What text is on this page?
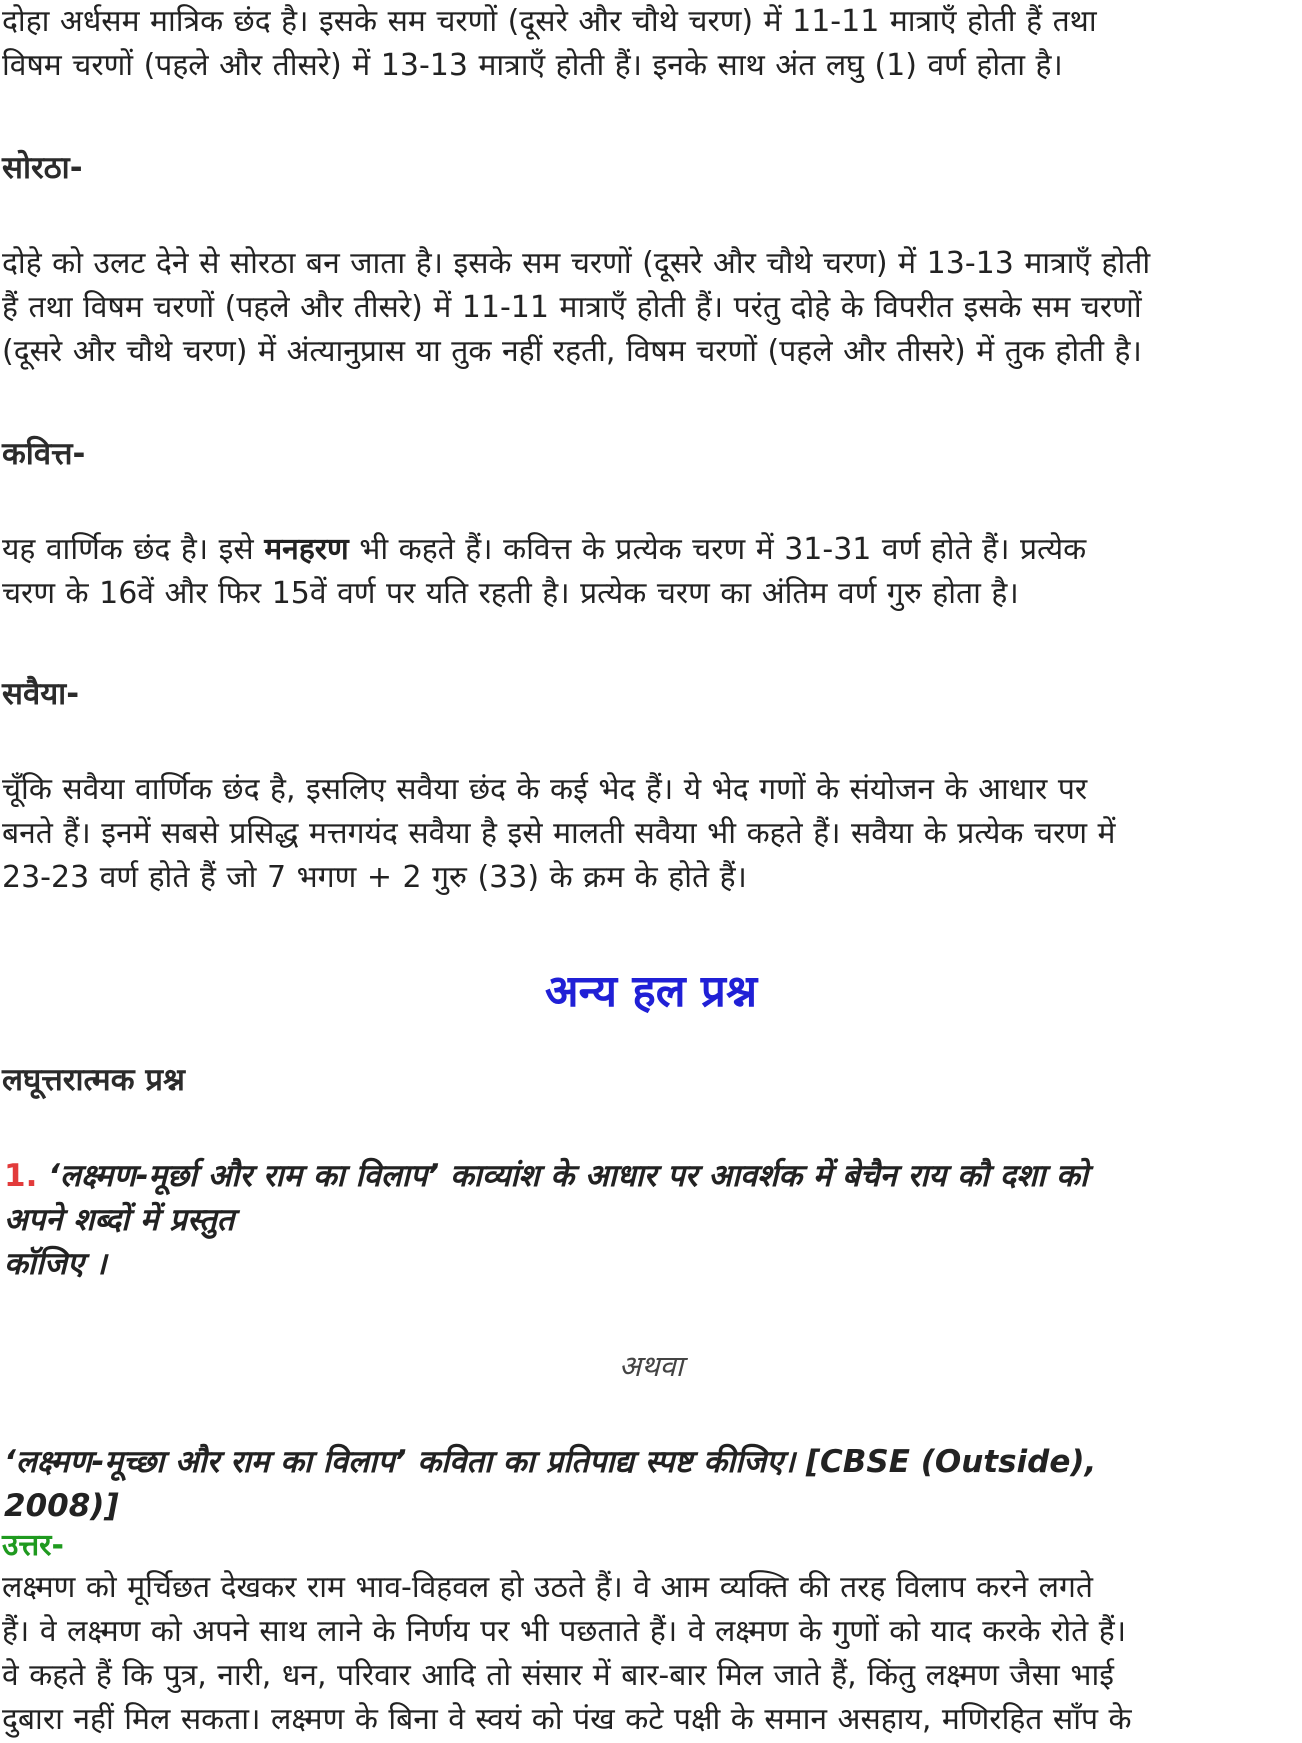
दोहा अर्धसम मात्रिक छंद है। इसके सम चरणों (दूसरे और चौथे चरण) में 11-11 मात्राएँ होती हैं तथा
विषम चरणों (पहले और तीसरे) में 13-13 मात्राएँ होती हैं। इनके साथ अंत लघु (1) वर्ण होता है।

सोरठा-

दोहे को उलट देने से सोरठा बन जाता है। इसके सम चरणों (दूसरे और चौथे चरण) में 13-13 मात्राएँ होती
हैं तथा विषम चरणों (पहले और तीसरे) में 11-11 मात्राएँ होती हैं। परंतु दोहे के विपरीत इसके सम चरणों
(दूसरे और चौथे चरण) में अंत्यानुप्रास या तुक नहीं रहती, विषम चरणों (पहले और तीसरे) में तुक होती है।

कवित्त-

यह वार्णिक छंद है। इसे मनहरण भी कहते हैं। कवित्त के प्रत्येक चरण में 31-31 वर्ण होते हैं। प्रत्येक
चरण के 16वें और फिर 15वें वर्ण पर यति रहती है। प्रत्येक चरण का अंतिम वर्ण गुरु होता है।

सवैया-

चूँकि सवैया वार्णिक छंद है, इसलिए सवैया छंद के कई भेद हैं। ये भेद गणों के संयोजन के आधार पर
बनते हैं। इनमें सबसे प्रसिद्ध मत्तगयंद सवैया है इसे मालती सवैया भी कहते हैं। सवैया के प्रत्येक चरण में
23-23 वर्ण होते हैं जो 7 भगण + 2 गुरु (33) के क्रम के होते हैं।

अन्य हल प्रश्न
लघूत्तरात्मक प्रश्न

1. ‘लक्ष्मण-मूर्छा और राम का विलाप’ काव्यांश के आधार पर आवर्शक में बेचैन राय कौ दशा को
अपने शब्दों में प्रस्तुत
कॉजिए ।

अथवा

‘लक्ष्मण-मूच्छा और राम का विलाप’ कविता का प्रतिपाद्य स्पष्ट कीजिए। [CBSE (Outside),
2008)]

उत्तर-

लक्ष्मण को मूर्चिछत देखकर राम भाव-विहवल हो उठते हैं। वे आम व्यक्ति की तरह विलाप करने लगते
हैं। वे लक्ष्मण को अपने साथ लाने के निर्णय पर भी पछताते हैं। वे लक्ष्मण के गुणों को याद करके रोते हैं।
वे कहते हैं कि पुत्र, नारी, धन, परिवार आदि तो संसार में बार-बार मिल जाते हैं, किंतु लक्ष्मण जैसा भाई
दुबारा नहीं मिल सकता। लक्ष्मण के बिना वे स्वयं को पंख कटे पक्षी के समान असहाय, मणिरहित साँप के
